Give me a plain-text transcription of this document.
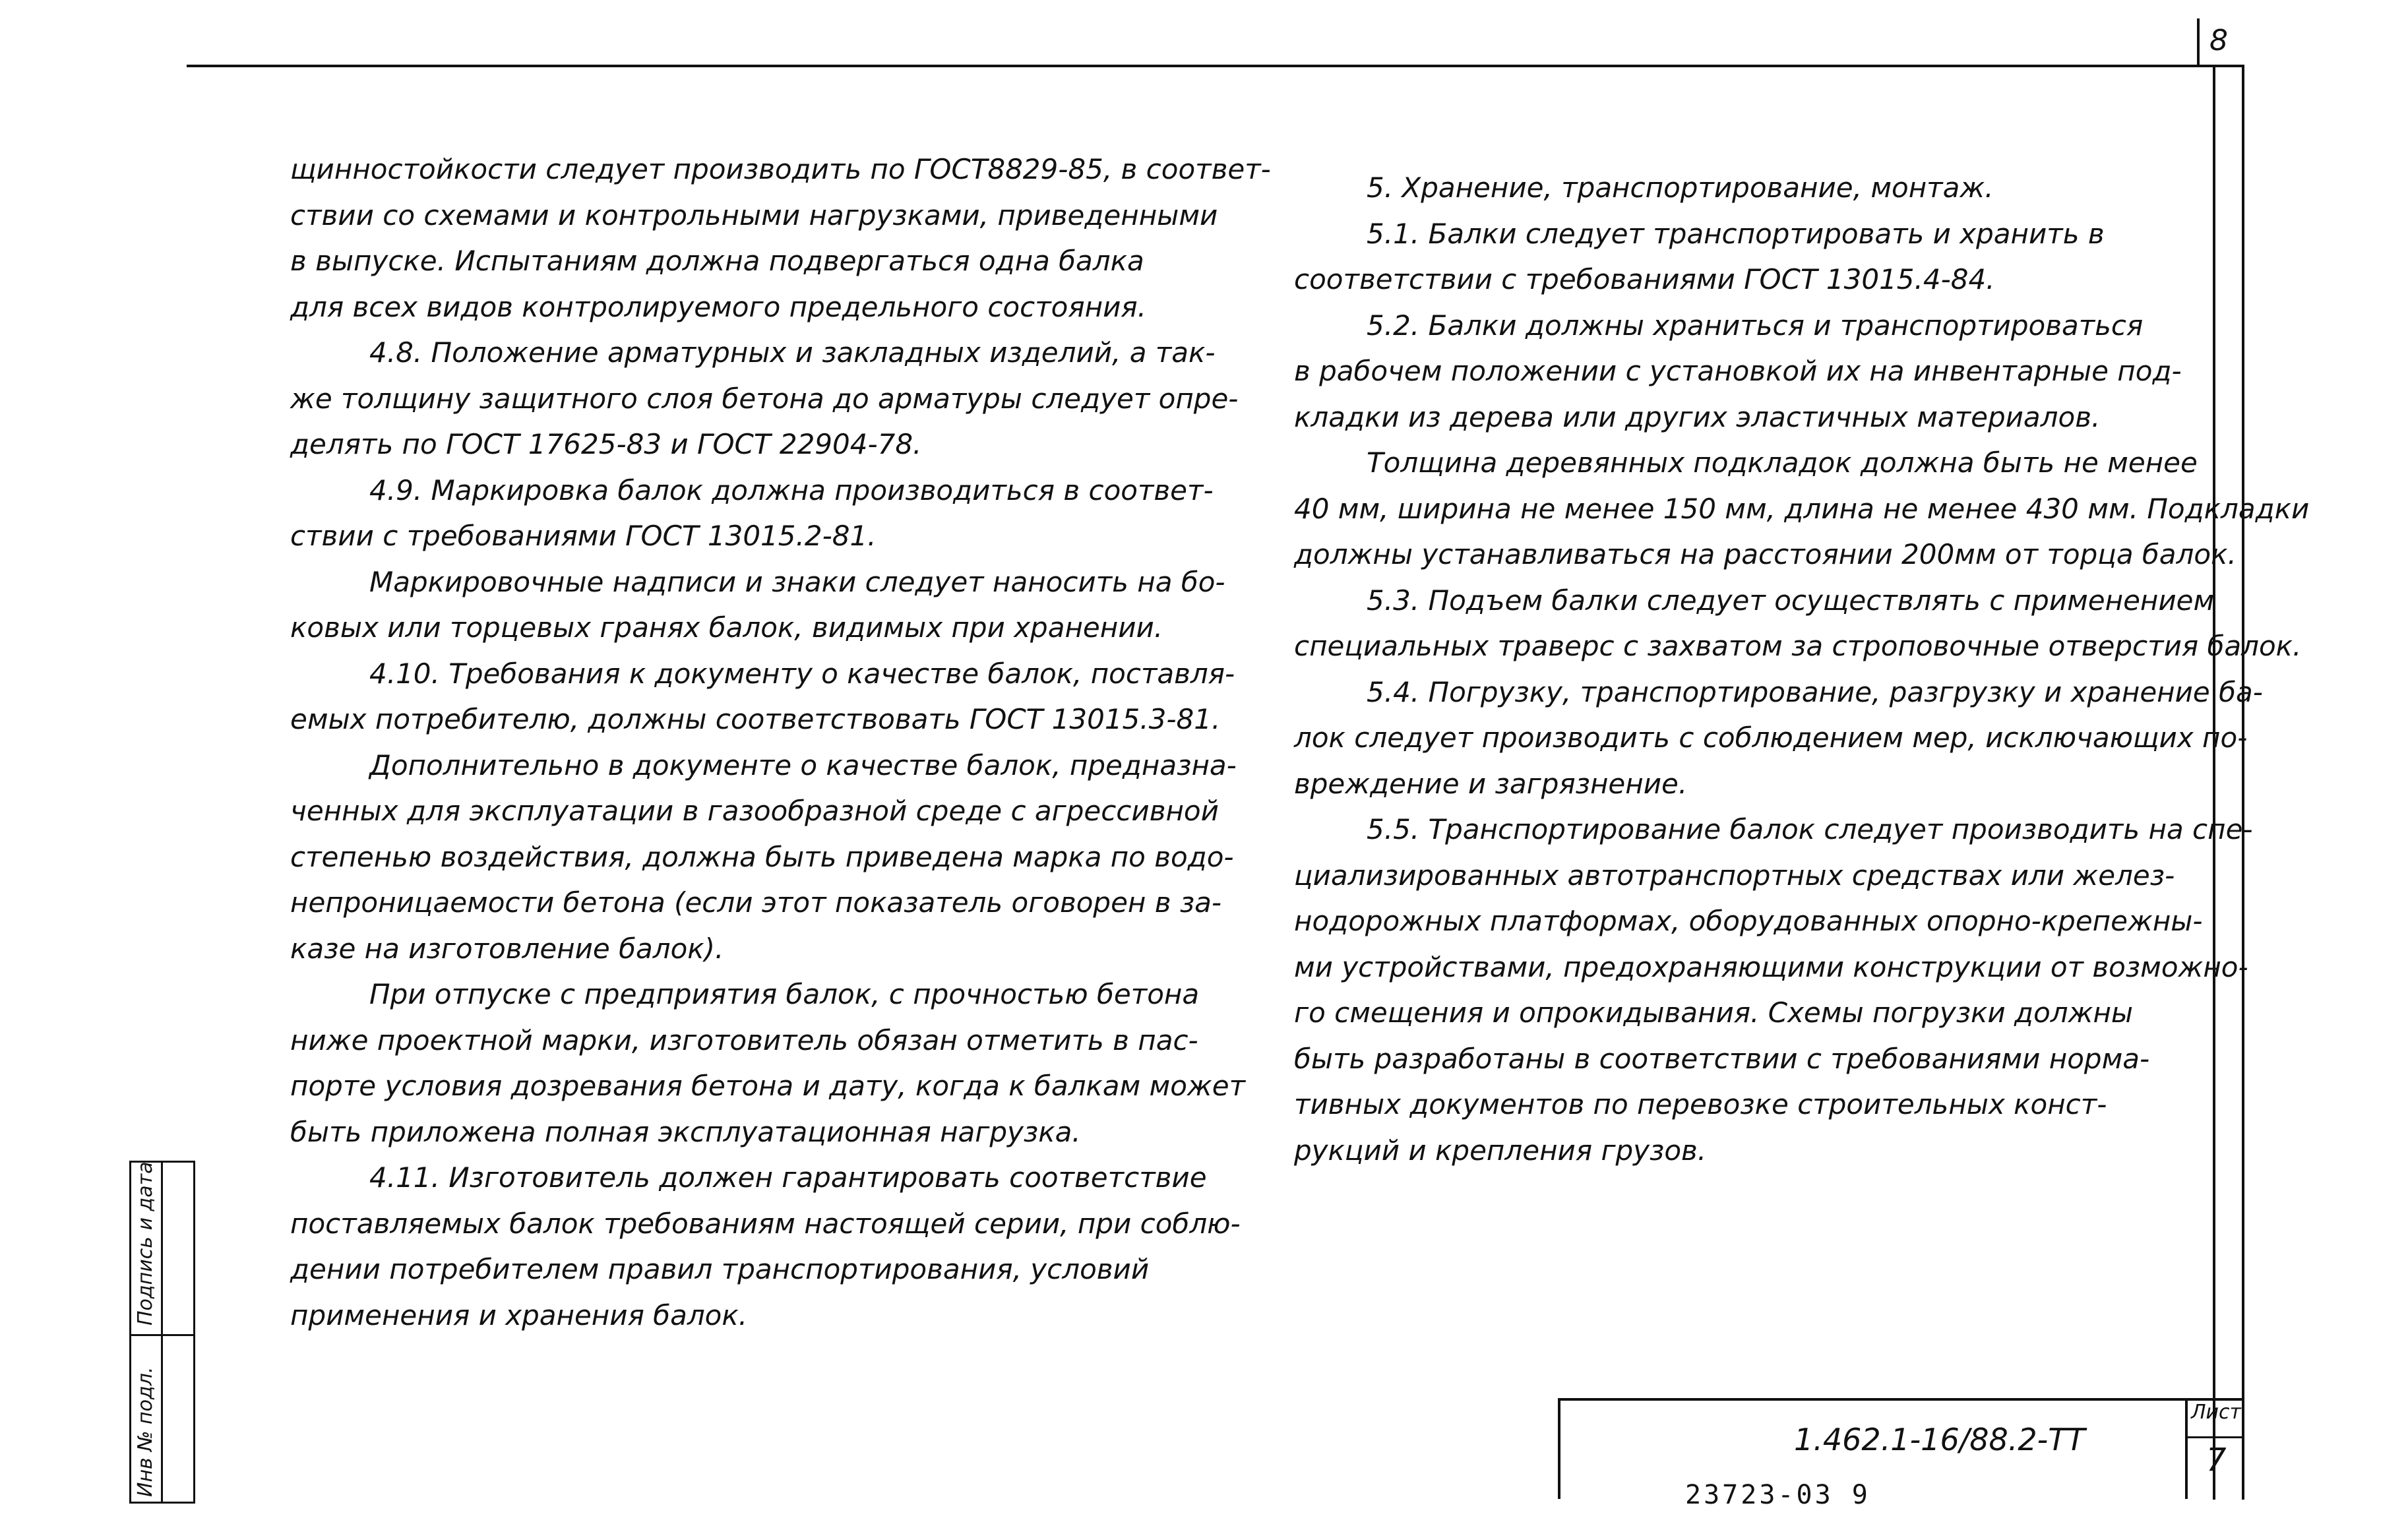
8

щинностойкости следует производить по ГОСТ8829-85, в соответ-

ствии со схемами и контрольными нагрузками, приведенными

в выпуске. Испытаниям должна подвергаться одна балка

для всех видов контролируемого предельного состояния.

4.8. Положение арматурных и закладных изделий, а так-

же толщину защитного слоя бетона до арматуры следует опре-

делять по ГОСТ 17625-83 и ГОСТ 22904-78.

4.9. Маркировка балок должна производиться в соответ-

ствии с требованиями ГОСТ 13015.2-81.

Маркировочные надписи и знаки следует наносить на бо-

ковых или торцевых гранях балок, видимых при хранении.

4.10. Требования к документу о качестве балок, поставля-

емых потребителю, должны соответствовать ГОСТ 13015.3-81.

Дополнительно в документе о качестве балок, предназна-

ченных для эксплуатации в газообразной среде с агрессивной

степенью воздействия, должна быть приведена марка по водо-

непроницаемости бетона (если этот показатель оговорен в за-

казе на изготовление балок).

При отпуске с предприятия балок, с прочностью бетона

ниже проектной марки, изготовитель обязан отметить в пас-

порте условия дозревания бетона и дату, когда к балкам может

быть приложена полная эксплуатационная нагрузка.

4.11. Изготовитель должен гарантировать соответствие

поставляемых балок требованиям настоящей серии, при соблю-

дении потребителем правил транспортирования, условий

применения и хранения балок.

5. Хранение, транспортирование, монтаж.

5.1. Балки следует транспортировать и хранить в

соответствии с требованиями ГОСТ 13015.4-84.

5.2. Балки должны храниться и транспортироваться

в рабочем положении с установкой их на инвентарные под-

кладки из дерева или других эластичных материалов.

Толщина деревянных подкладок должна быть не менее

40 мм, ширина не менее 150 мм, длина не менее 430 мм. Подкладки

должны устанавливаться на расстоянии 200мм от торца балок.

5.3. Подъем балки следует осуществлять с применением

специальных траверс с захватом за строповочные отверстия балок.

5.4. Погрузку, транспортирование, разгрузку и хранение ба-

лок следует производить с соблюдением мер, исключающих по-

вреждение и загрязнение.

5.5. Транспортирование балок следует производить на спе-

циализированных автотранспортных средствах или желез-

нодорожных платформах, оборудованных опорно-крепежны-

ми устройствами, предохраняющими конструкции от возможно-

го смещения и опрокидывания. Схемы погрузки должны

быть разработаны в соответствии с требованиями норма-

тивных документов по перевозке строительных конст-

рукций и крепления грузов.

Инв № подл.
Подпись и дата
1.462.1-16/88.2-ТТ
Лист
7
23723-03 9
